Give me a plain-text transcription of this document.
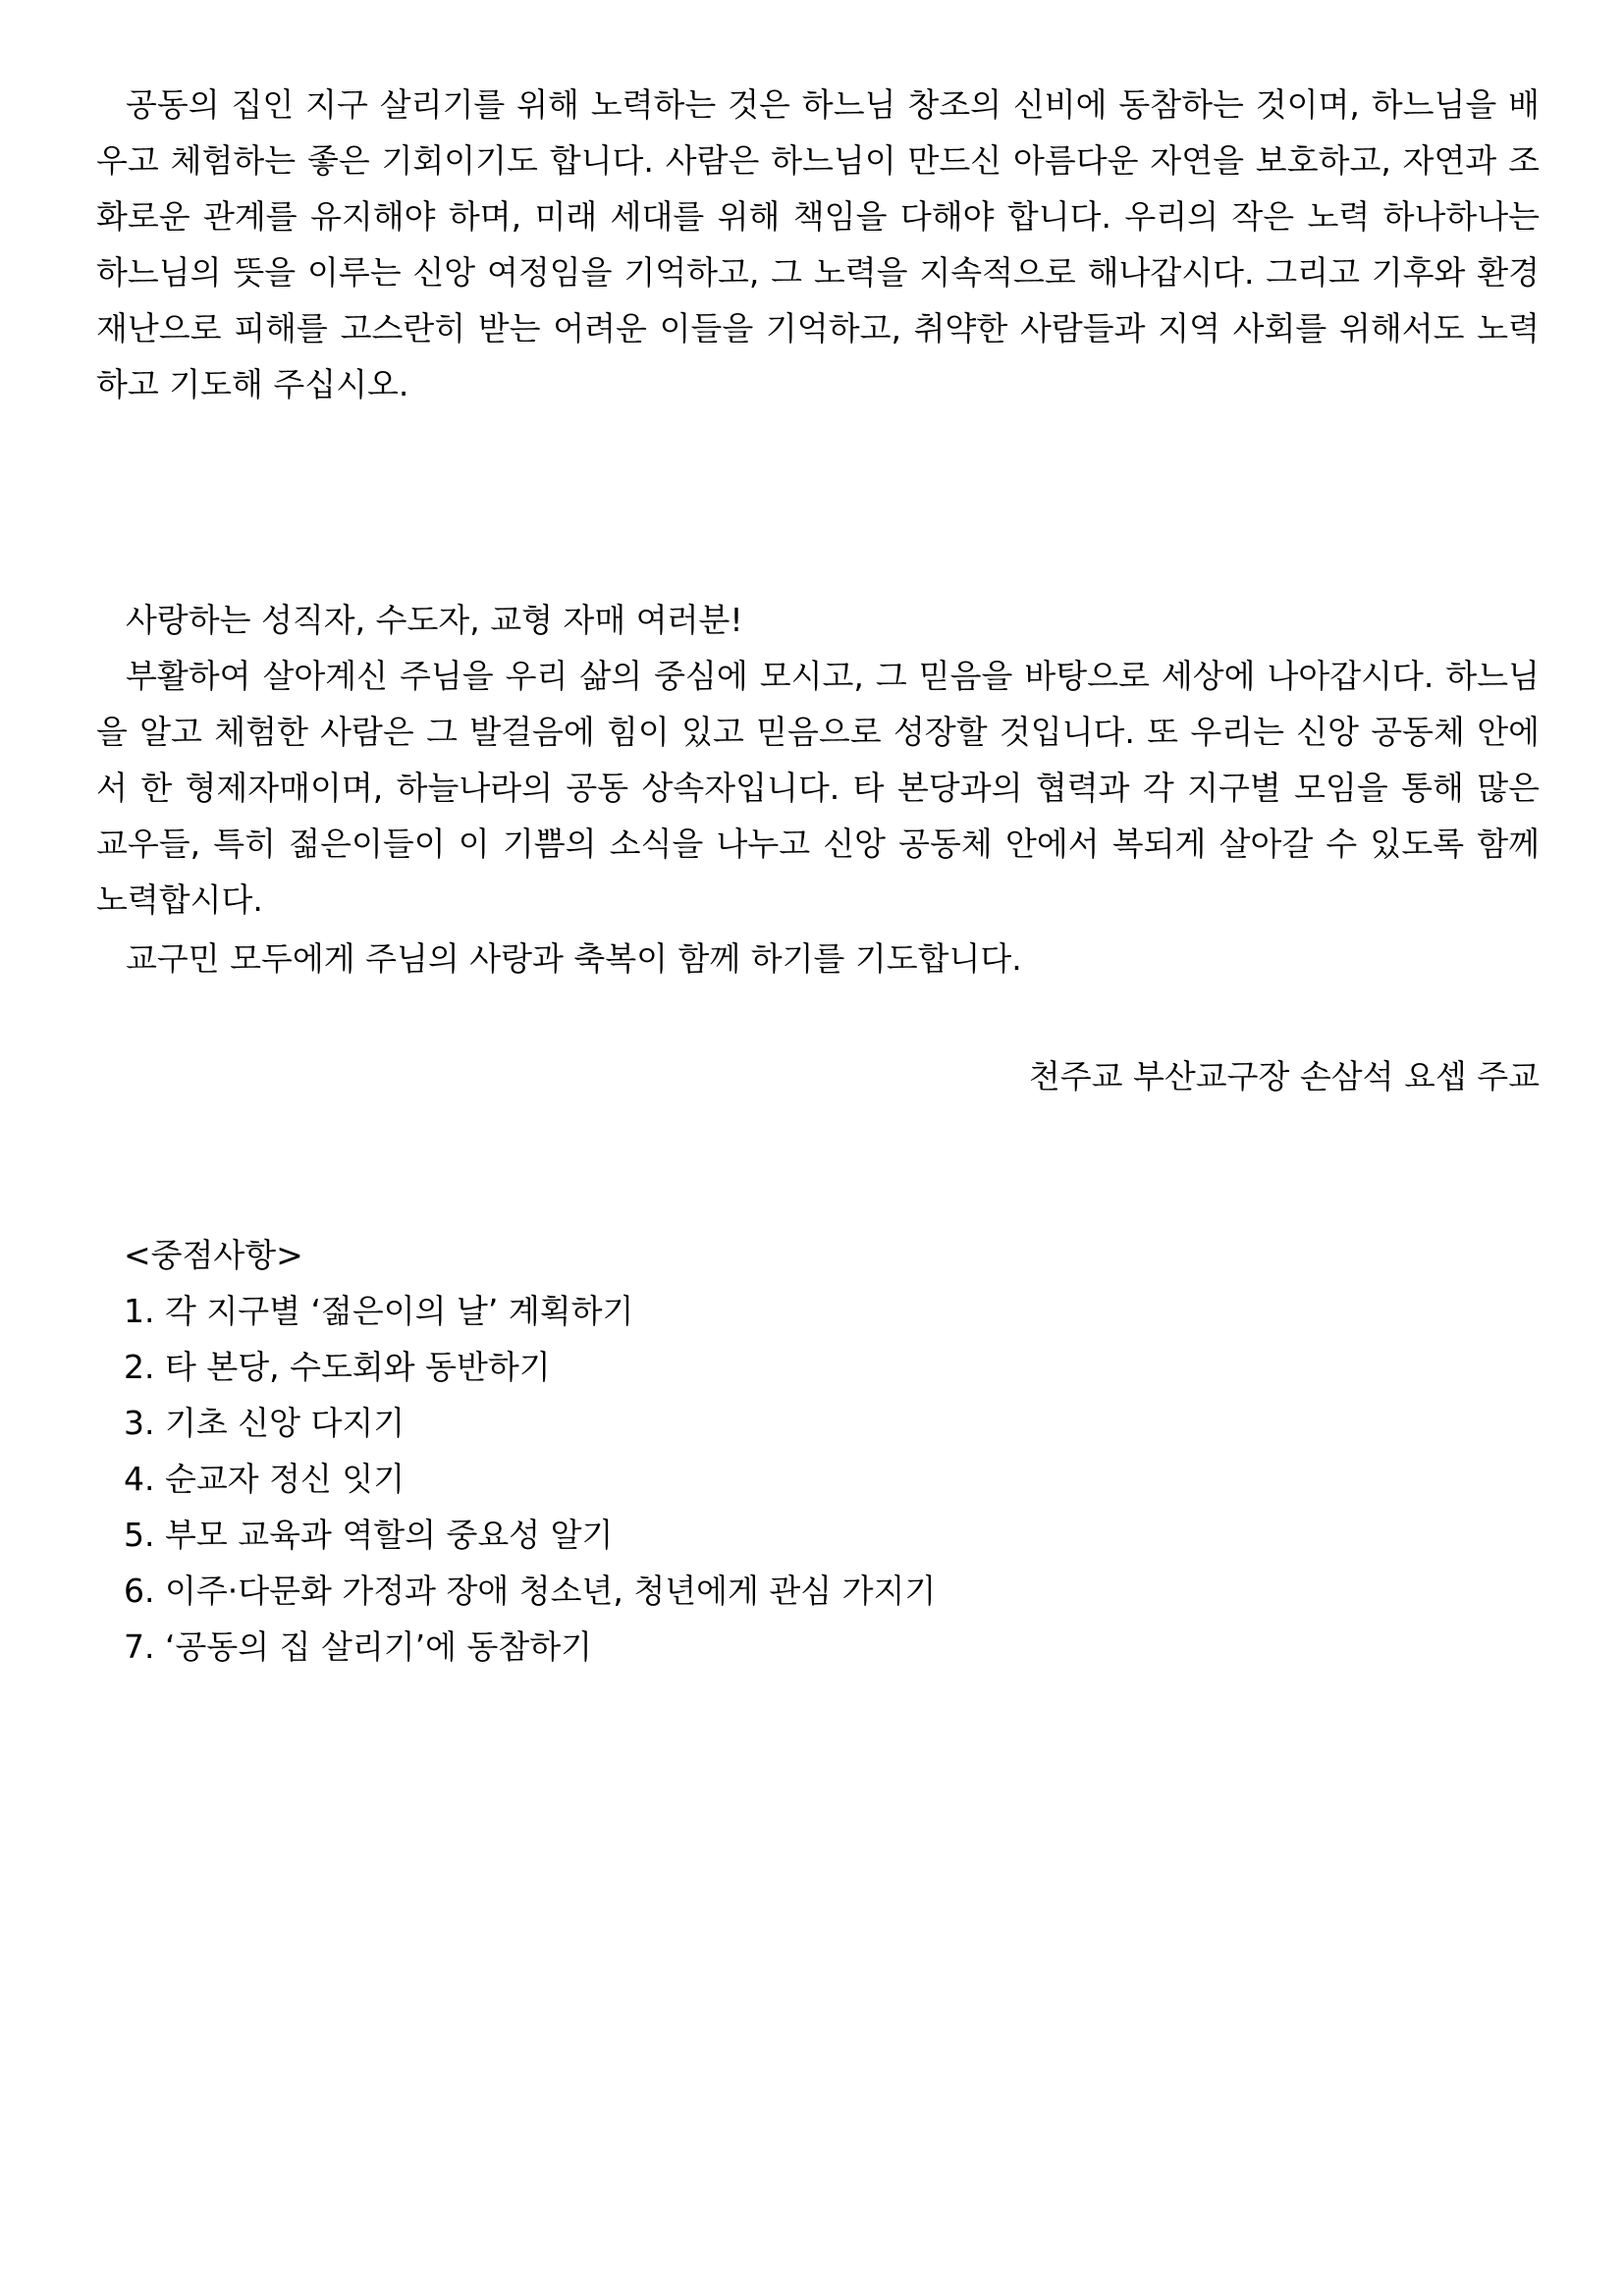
공동의 집인 지구 살리기를 위해 노력하는 것은 하느님 창조의 신비에 동참하는 것이며, 하느님을 배우고 체험하는 좋은 기회이기도 합니다. 사람은 하느님이 만드신 아름다운 자연을 보호하고, 자연과 조화로운 관계를 유지해야 하며, 미래 세대를 위해 책임을 다해야 합니다. 우리의 작은 노력 하나하나는 하느님의 뜻을 이루는 신앙 여정임을 기억하고, 그 노력을 지속적으로 해나갑시다. 그리고 기후와 환경 재난으로 피해를 고스란히 받는 어려운 이들을 기억하고, 취약한 사람들과 지역 사회를 위해서도 노력하고 기도해 주십시오.

사랑하는 성직자, 수도자, 교형 자매 여러분!

부활하여 살아계신 주님을 우리 삶의 중심에 모시고, 그 믿음을 바탕으로 세상에 나아갑시다. 하느님을 알고 체험한 사람은 그 발걸음에 힘이 있고 믿음으로 성장할 것입니다. 또 우리는 신앙 공동체 안에서 한 형제자매이며, 하늘나라의 공동 상속자입니다. 타 본당과의 협력과 각 지구별 모임을 통해 많은 교우들, 특히 젊은이들이 이 기쁨의 소식을 나누고 신앙 공동체 안에서 복되게 살아갈 수 있도록 함께 노력합시다.

교구민 모두에게 주님의 사랑과 축복이 함께 하기를 기도합니다.

천주교 부산교구장 손삼석 요셉 주교

<중점사항>

1. 각 지구별 ‘젊은이의 날’ 계획하기
2. 타 본당, 수도회와 동반하기
3. 기초 신앙 다지기
4. 순교자 정신 잇기
5. 부모 교육과 역할의 중요성 알기
6. 이주·다문화 가정과 장애 청소년, 청년에게 관심 가지기
7. ‘공동의 집 살리기’에 동참하기
